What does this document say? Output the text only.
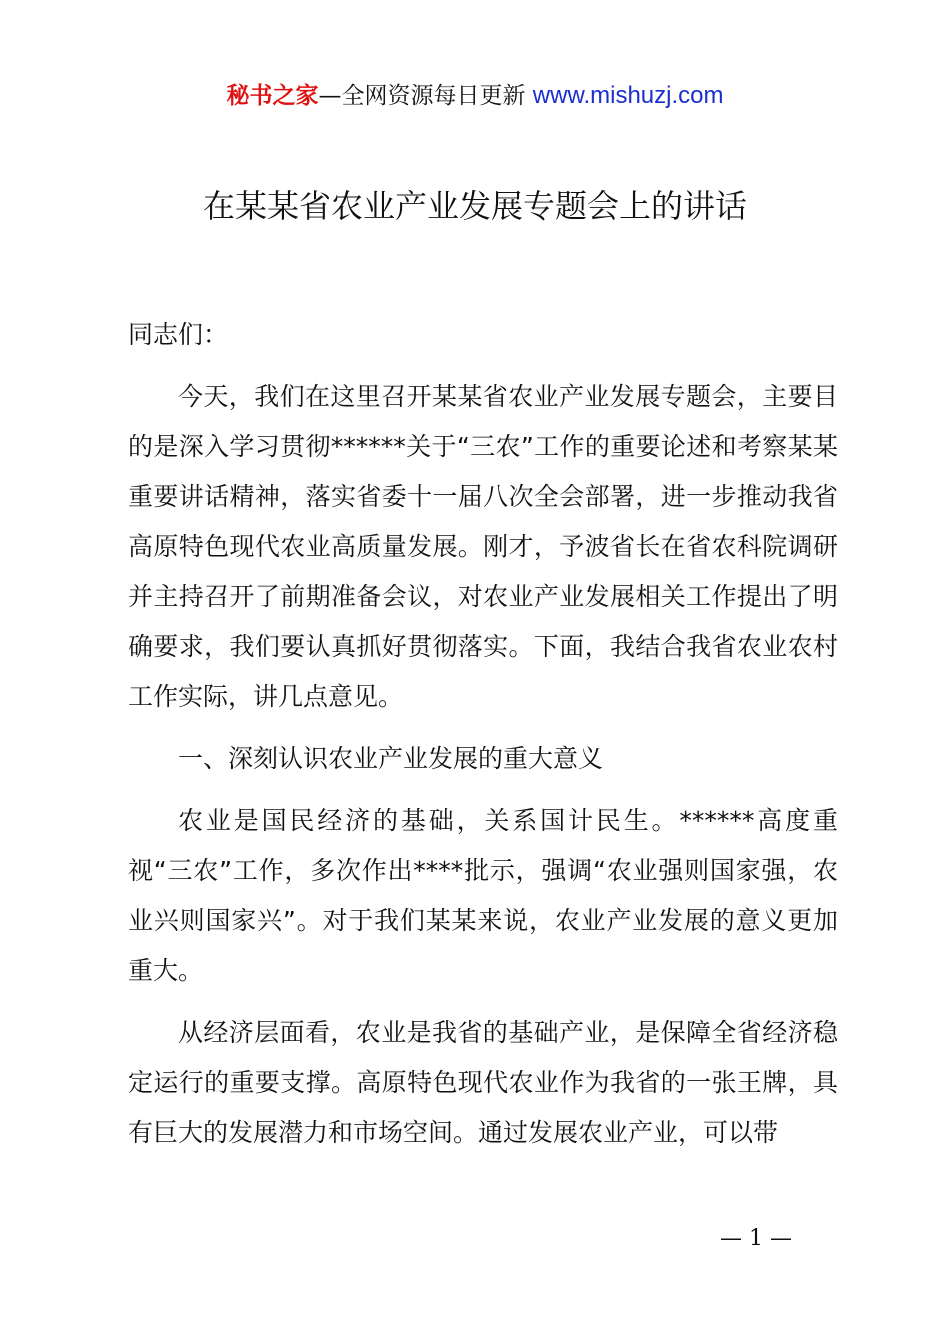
秘书之家—全网资源每日更新 www.mishuzj.com
在某某省农业产业发展专题会上的讲话

同志们：

今天，我们在这里召开某某省农业产业发展专题会，主要目的是深入学习贯彻******关于“三农”工作的重要论述和考察某某重要讲话精神，落实省委十一届八次全会部署，进一步推动我省高原特色现代农业高质量发展。刚才，予波省长在省农科院调研并主持召开了前期准备会议，对农业产业发展相关工作提出了明确要求，我们要认真抓好贯彻落实。下面，我结合我省农业农村工作实际，讲几点意见。

一、深刻认识农业产业发展的重大意义

农业是国民经济的基础，关系国计民生。******高度重视“三农”工作，多次作出****批示，强调“农业强则国家强，农业兴则国家兴”。对于我们某某来说，农业产业发展的意义更加重大。

从经济层面看，农业是我省的基础产业，是保障全省经济稳定运行的重要支撑。高原特色现代农业作为我省的一张王牌，具有巨大的发展潜力和市场空间。通过发展农业产业，可以带

— 1 —
